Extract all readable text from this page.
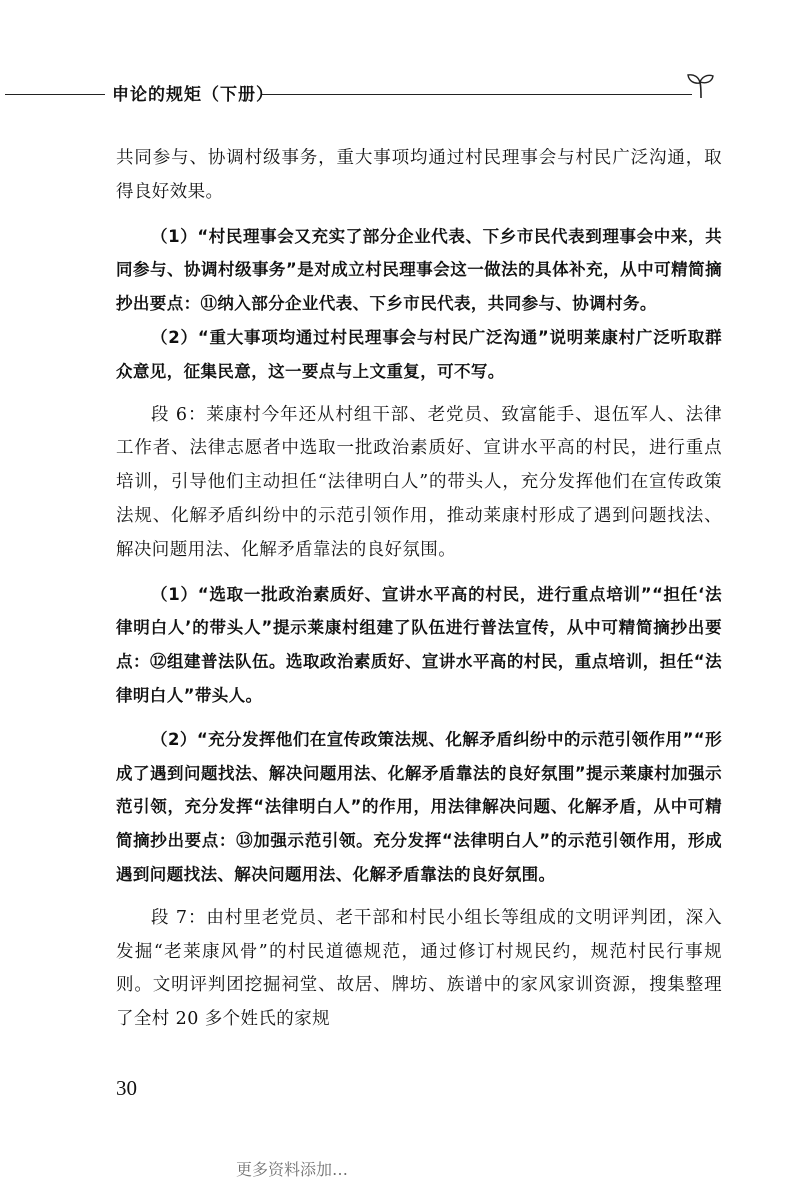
申论的规矩（下册）

共同参与、协调村级事务，重大事项均通过村民理事会与村民广泛沟通，取得良好效果。

（1）“村民理事会又充实了部分企业代表、下乡市民代表到理事会中来，共同参与、协调村级事务”是对成立村民理事会这一做法的具体补充，从中可精简摘抄出要点：⑪纳入部分企业代表、下乡市民代表，共同参与、协调村务。

（2）“重大事项均通过村民理事会与村民广泛沟通”说明莱康村广泛听取群众意见，征集民意，这一要点与上文重复，可不写。

段 6：莱康村今年还从村组干部、老党员、致富能手、退伍军人、法律工作者、法律志愿者中选取一批政治素质好、宣讲水平高的村民，进行重点培训，引导他们主动担任“法律明白人”的带头人，充分发挥他们在宣传政策法规、化解矛盾纠纷中的示范引领作用，推动莱康村形成了遇到问题找法、解决问题用法、化解矛盾靠法的良好氛围。

（1）“选取一批政治素质好、宣讲水平高的村民，进行重点培训”“担任‘法律明白人’的带头人”提示莱康村组建了队伍进行普法宣传，从中可精简摘抄出要点：⑫组建普法队伍。选取政治素质好、宣讲水平高的村民，重点培训，担任“法律明白人”带头人。

（2）“充分发挥他们在宣传政策法规、化解矛盾纠纷中的示范引领作用”“形成了遇到问题找法、解决问题用法、化解矛盾靠法的良好氛围”提示莱康村加强示范引领，充分发挥“法律明白人”的作用，用法律解决问题、化解矛盾，从中可精简摘抄出要点：⑬加强示范引领。充分发挥“法律明白人”的示范引领作用，形成遇到问题找法、解决问题用法、化解矛盾靠法的良好氛围。

段 7：由村里老党员、老干部和村民小组长等组成的文明评判团，深入发掘“老莱康风骨”的村民道德规范，通过修订村规民约，规范村民行事规则。文明评判团挖掘祠堂、故居、牌坊、族谱中的家风家训资源，搜集整理了全村 20 多个姓氏的家规

30
更多资料添加…
